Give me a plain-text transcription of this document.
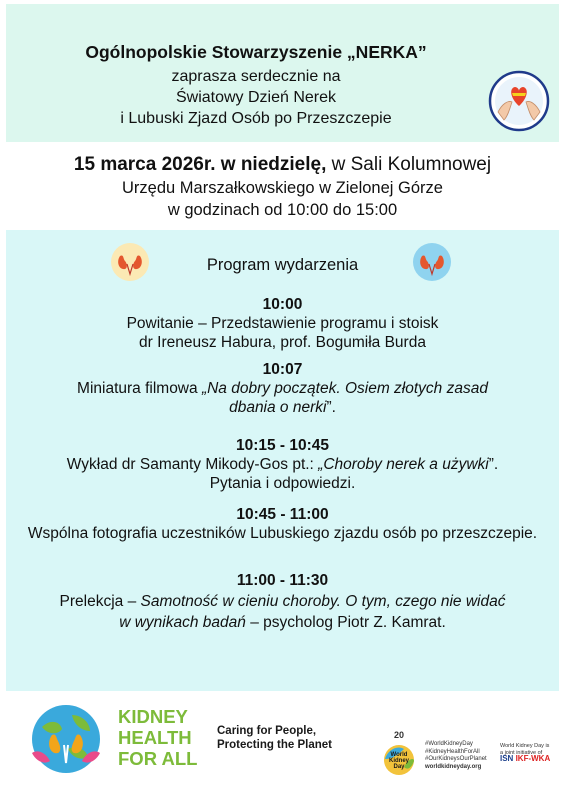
Ogólnopolskie Stowarzyszenie „NERKA”
zaprasza serdecznie na
Światowy Dzień Nerek
i Lubuski Zjazd Osób po Przeszczepie
15 marca 2026r. w niedzielę, w Sali Kolumnowej
Urzędu Marszałkowskiego w Zielonej Górze
w godzinach od 10:00 do 15:00
Program wydarzenia
10:00
Powitanie – Przedstawienie programu i stoisk
dr Ireneusz Habura, prof. Bogumiła Burda
10:07
Miniatura filmowa „Na dobry początek. Osiem złotych zasad
dbania o nerki”.
10:15 - 10:45
Wykład dr Samanty Mikody-Gos pt.: „Choroby nerek a używki”.
Pytania i odpowiedzi.
10:45 - 11:00
Wspólna fotografia uczestników Lubuskiego zjazdu osób po przeszczepie.
11:00 - 11:30
Prelekcja – Samotność w cieniu choroby. O tym, czego nie widać
w wynikach badań – psycholog Piotr Z. Kamrat.
KIDNEY
HEALTH
FOR ALL
Caring for People,
Protecting the Planet
20
World
Kidney
Day
#WorldKidneyDay
#KidneyHealthForAll
#OurKidneysOurPlanet
worldkidneyday.org
World Kidney Day is
a joint initiative of
ISN IKF-WKA
